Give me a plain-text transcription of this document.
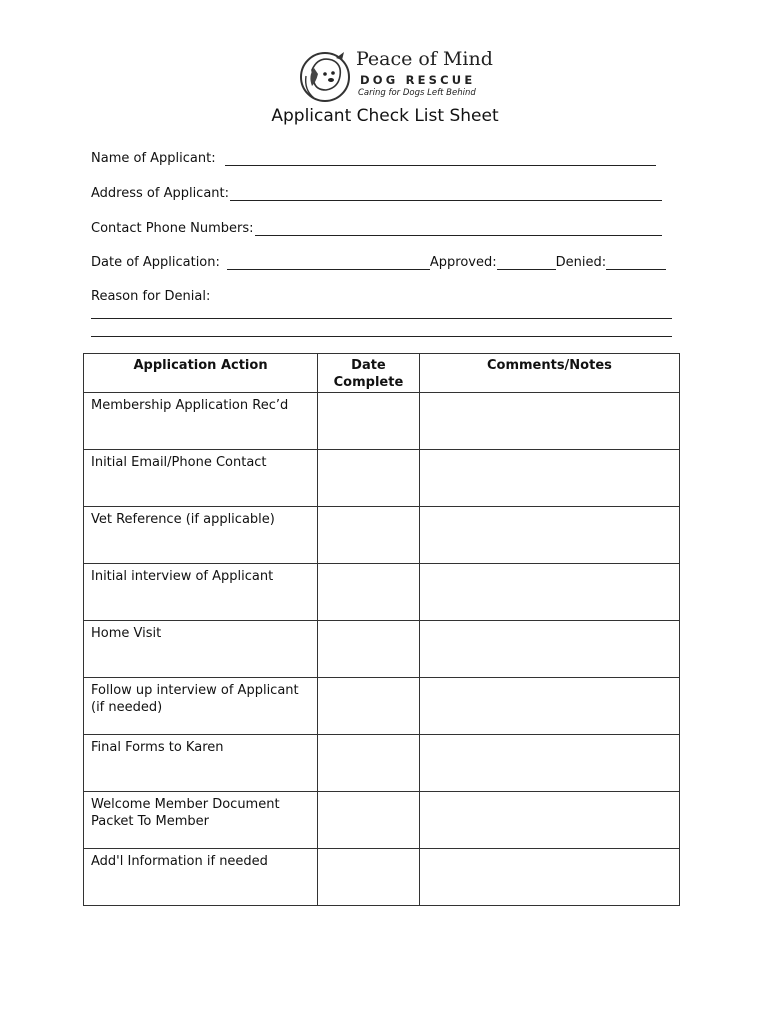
Peace of Mind
DOG RESCUE
Caring for Dogs Left Behind
Applicant Check List Sheet
Name of Applicant:
Address of Applicant:
Contact Phone Numbers:
Date of Application:	Approved:	Denied:
Reason for Denial:
Application Action	Date Complete	Comments/Notes
Membership Application Rec’d		
Initial Email/Phone Contact		
Vet Reference (if applicable)		
Initial interview of Applicant		
Home Visit		
Follow up interview of Applicant (if needed)		
Final Forms to Karen		
Welcome Member Document Packet To Member		
Add'l Information if needed		
